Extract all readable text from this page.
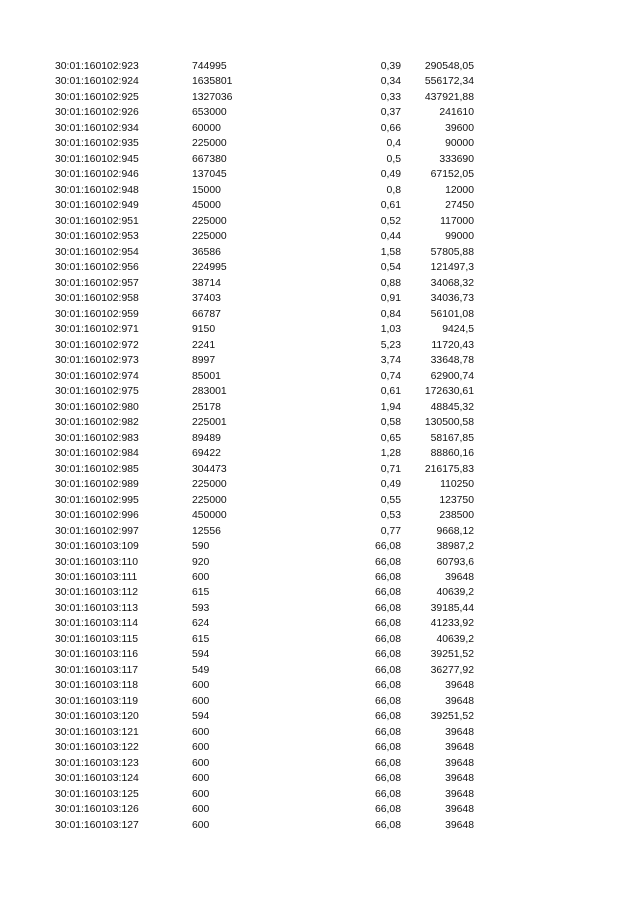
30:01:160102:923	744995	0,39	290548,05
30:01:160102:924	1635801	0,34	556172,34
30:01:160102:925	1327036	0,33	437921,88
30:01:160102:926	653000	0,37	241610
30:01:160102:934	60000	0,66	39600
30:01:160102:935	225000	0,4	90000
30:01:160102:945	667380	0,5	333690
30:01:160102:946	137045	0,49	67152,05
30:01:160102:948	15000	0,8	12000
30:01:160102:949	45000	0,61	27450
30:01:160102:951	225000	0,52	117000
30:01:160102:953	225000	0,44	99000
30:01:160102:954	36586	1,58	57805,88
30:01:160102:956	224995	0,54	121497,3
30:01:160102:957	38714	0,88	34068,32
30:01:160102:958	37403	0,91	34036,73
30:01:160102:959	66787	0,84	56101,08
30:01:160102:971	9150	1,03	9424,5
30:01:160102:972	2241	5,23	11720,43
30:01:160102:973	8997	3,74	33648,78
30:01:160102:974	85001	0,74	62900,74
30:01:160102:975	283001	0,61	172630,61
30:01:160102:980	25178	1,94	48845,32
30:01:160102:982	225001	0,58	130500,58
30:01:160102:983	89489	0,65	58167,85
30:01:160102:984	69422	1,28	88860,16
30:01:160102:985	304473	0,71	216175,83
30:01:160102:989	225000	0,49	110250
30:01:160102:995	225000	0,55	123750
30:01:160102:996	450000	0,53	238500
30:01:160102:997	12556	0,77	9668,12
30:01:160103:109	590	66,08	38987,2
30:01:160103:110	920	66,08	60793,6
30:01:160103:111	600	66,08	39648
30:01:160103:112	615	66,08	40639,2
30:01:160103:113	593	66,08	39185,44
30:01:160103:114	624	66,08	41233,92
30:01:160103:115	615	66,08	40639,2
30:01:160103:116	594	66,08	39251,52
30:01:160103:117	549	66,08	36277,92
30:01:160103:118	600	66,08	39648
30:01:160103:119	600	66,08	39648
30:01:160103:120	594	66,08	39251,52
30:01:160103:121	600	66,08	39648
30:01:160103:122	600	66,08	39648
30:01:160103:123	600	66,08	39648
30:01:160103:124	600	66,08	39648
30:01:160103:125	600	66,08	39648
30:01:160103:126	600	66,08	39648
30:01:160103:127	600	66,08	39648
